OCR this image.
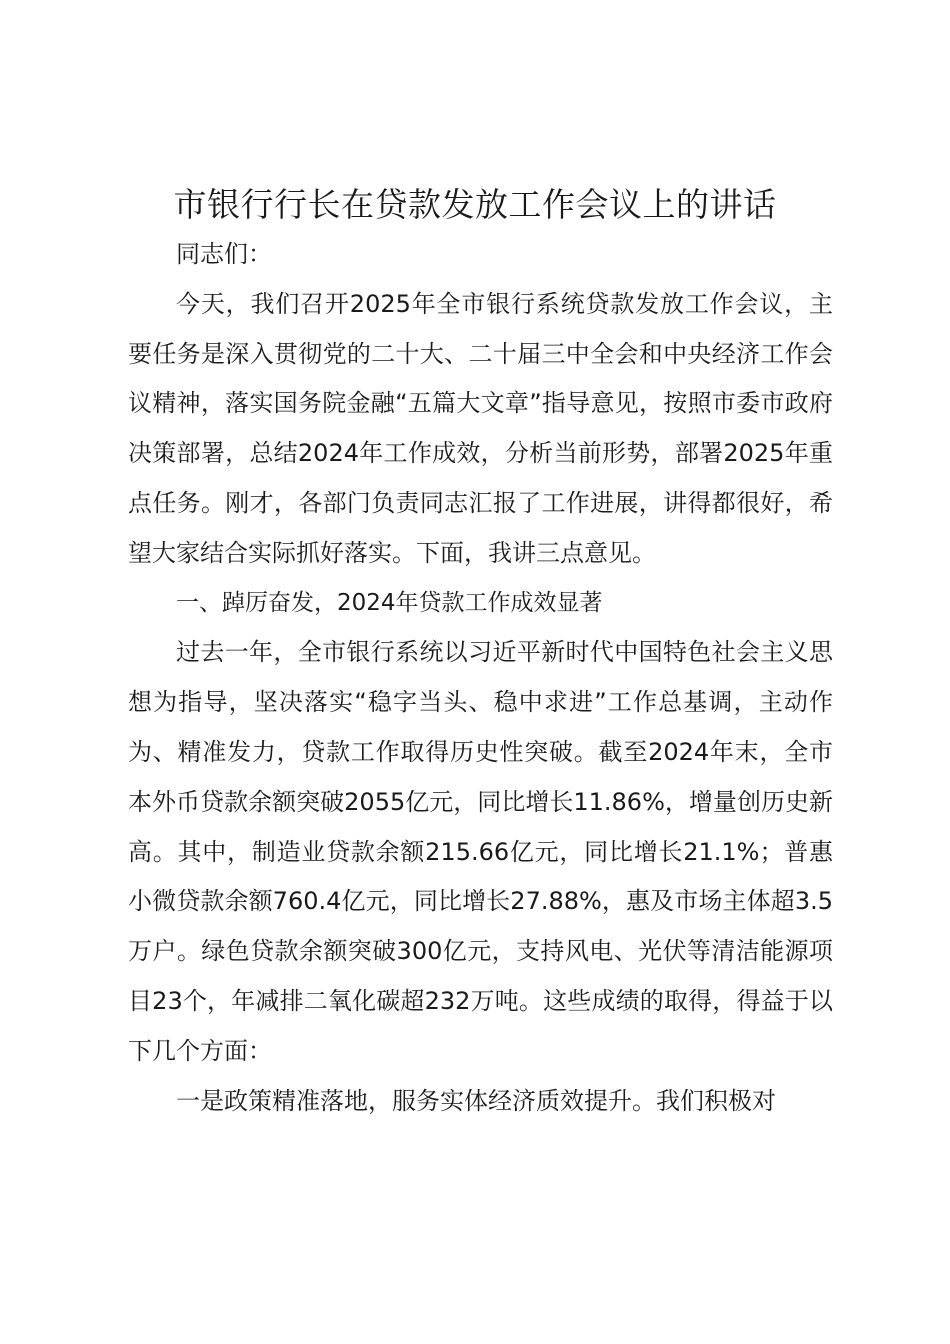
市银行行长在贷款发放工作会议上的讲话

同志们：

今天，我们召开2025年全市银行系统贷款发放工作会议，主要任务是深入贯彻党的二十大、二十届三中全会和中央经济工作会议精神，落实国务院金融“五篇大文章”指导意见，按照市委市政府决策部署，总结2024年工作成效，分析当前形势，部署2025年重点任务。刚才，各部门负责同志汇报了工作进展，讲得都很好，希望大家结合实际抓好落实。下面，我讲三点意见。

一、踔厉奋发，2024年贷款工作成效显著

过去一年，全市银行系统以习近平新时代中国特色社会主义思想为指导，坚决落实“稳字当头、稳中求进”工作总基调，主动作为、精准发力，贷款工作取得历史性突破。截至2024年末，全市本外币贷款余额突破2055亿元，同比增长11.86%，增量创历史新高。其中，制造业贷款余额215.66亿元，同比增长21.1%；普惠小微贷款余额760.4亿元，同比增长27.88%，惠及市场主体超3.5万户。绿色贷款余额突破300亿元，支持风电、光伏等清洁能源项目23个，年减排二氧化碳超232万吨。这些成绩的取得，得益于以下几个方面：

一是政策精准落地，服务实体经济质效提升。我们积极对
